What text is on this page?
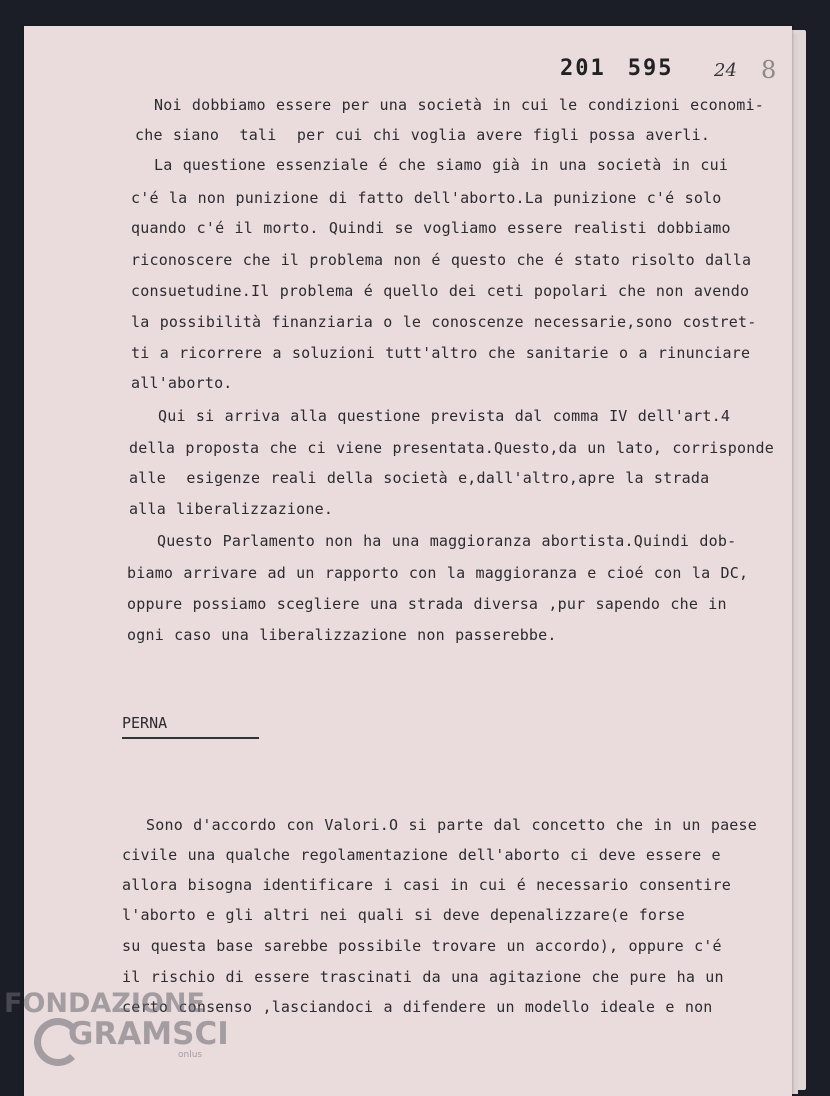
201 595	24 8
Noi dobbiamo essere per una società in cui le condizioni economi-
che siano  tali  per cui chi voglia avere figli possa averli.
La questione essenziale é che siamo già in una società in cui
c'é la non punizione di fatto dell'aborto.La punizione c'é solo
quando c'é il morto. Quindi se vogliamo essere realisti dobbiamo
riconoscere che il problema non é questo che é stato risolto dalla
consuetudine.Il problema é quello dei ceti popolari che non avendo
la possibilità finanziaria o le conoscenze necessarie,sono costret-
ti a ricorrere a soluzioni tutt'altro che sanitarie o a rinunciare
all'aborto.
Qui si arriva alla questione prevista dal comma IV dell'art.4
della proposta che ci viene presentata.Questo,da un lato, corrisponde
alle  esigenze reali della società e,dall'altro,apre la strada
alla liberalizzazione.
Questo Parlamento non ha una maggioranza abortista.Quindi dob-
biamo arrivare ad un rapporto con la maggioranza e cioé con la DC,
oppure possiamo scegliere una strada diversa ,pur sapendo che in
ogni caso una liberalizzazione non passerebbe.
PERNA
Sono d'accordo con Valori.O si parte dal concetto che in un paese
civile una qualche regolamentazione dell'aborto ci deve essere e
allora bisogna identificare i casi in cui é necessario consentire
l'aborto e gli altri nei quali si deve depenalizzare(e forse
su questa base sarebbe possibile trovare un accordo), oppure c'é
il rischio di essere trascinati da una agitazione che pure ha un
certo consenso ,lasciandoci a difendere un modello ideale e non
FONDAZIONE
GRAMSCI
onlus
